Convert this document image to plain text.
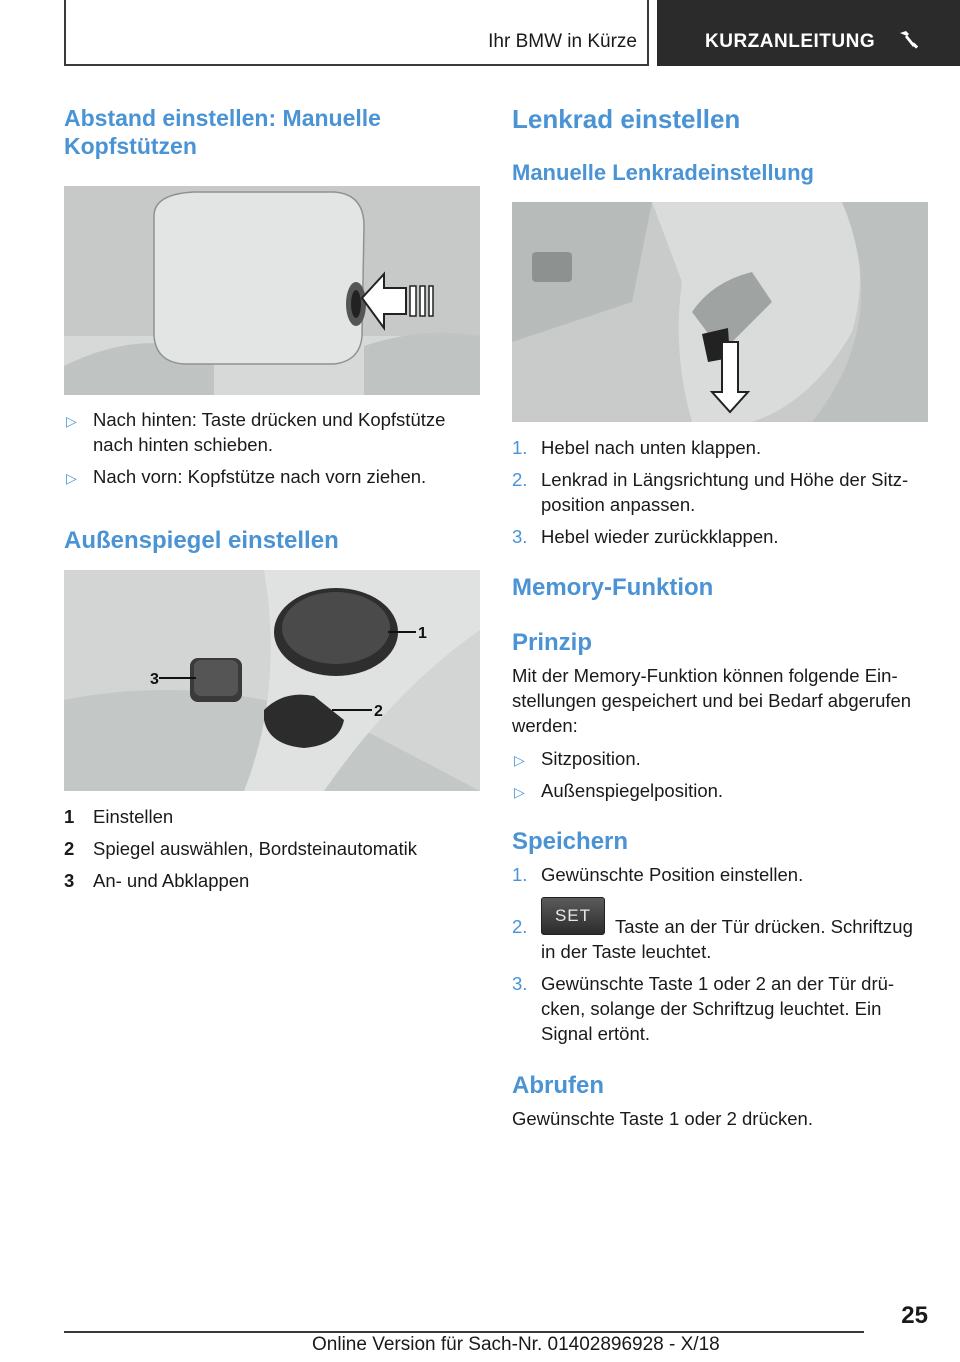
Ihr BMW in Kürze	KURZANLEITUNG
Abstand einstellen: Manuelle
Kopfstützen
▷ Nach hinten: Taste drücken und Kopfstütze
nach hinten schieben.
▷ Nach vorn: Kopfstütze nach vorn ziehen.
Außenspiegel einstellen
1
2
3
1 Einstellen
2 Spiegel auswählen, Bordsteinautomatik
3 An- und Abklappen
Lenkrad einstellen
Manuelle Lenkradeinstellung
1. Hebel nach unten klappen.
2. Lenkrad in Längsrichtung und Höhe der Sitz-
position anpassen.
3. Hebel wieder zurückklappen.
Memory-Funktion
Prinzip
Mit der Memory-Funktion können folgende Ein-
stellungen gespeichert und bei Bedarf abgerufen
werden:
▷ Sitzposition.
▷ Außenspiegelposition.
Speichern
1. Gewünschte Position einstellen.
2.
SET
Taste an der Tür drücken. Schriftzug
in der Taste leuchtet.
3. Gewünschte Taste 1 oder 2 an der Tür drü-
cken, solange der Schriftzug leuchtet. Ein
Signal ertönt.
Abrufen
Gewünschte Taste 1 oder 2 drücken.
25
Online Version für Sach-Nr. 01402896928 - X/18
